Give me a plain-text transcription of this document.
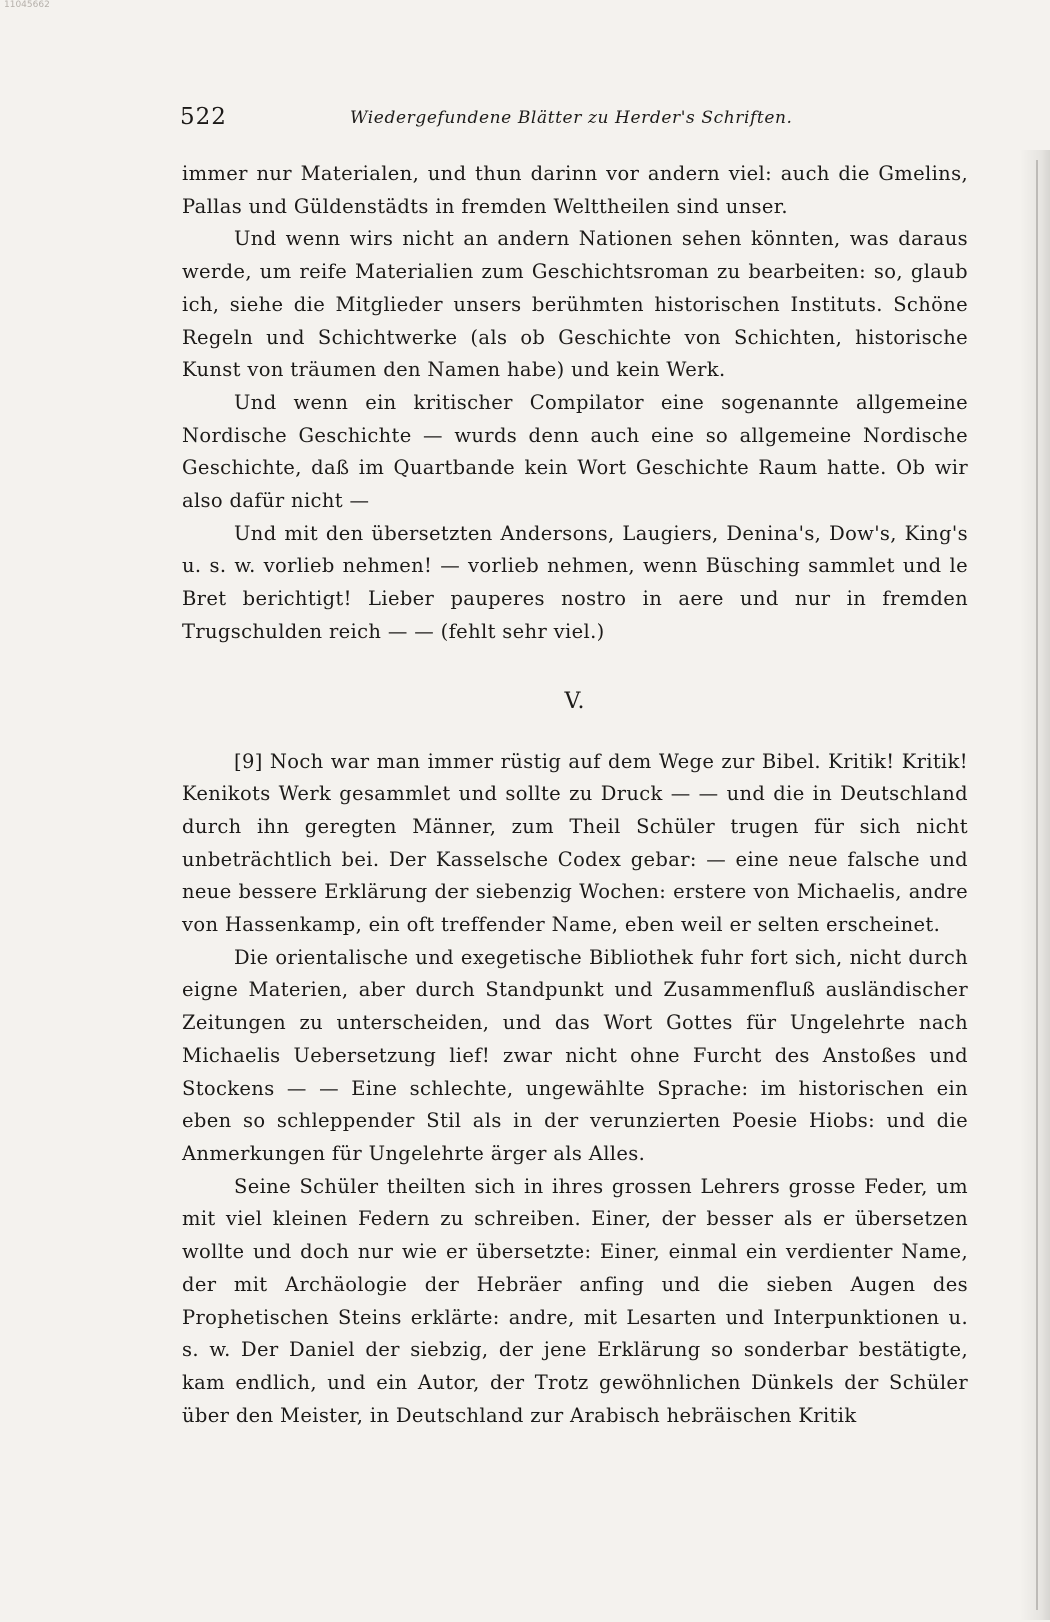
11045662
522	Wiedergefundene Blätter zu Herder's Schriften.

immer nur Materialen, und thun darinn vor andern viel: auch die Gmelins, Pallas und Güldenstädts in fremden Welttheilen sind unser.

Und wenn wirs nicht an andern Nationen sehen könnten, was daraus werde, um reife Materialien zum Geschichtsroman zu bearbeiten: so, glaub ich, siehe die Mitglieder unsers berühmten historischen Instituts. Schöne Regeln und Schichtwerke (als ob Geschichte von Schichten, historische Kunst von träumen den Namen habe) und kein Werk.

Und wenn ein kritischer Compilator eine sogenannte allgemeine Nordische Geschichte — wurds denn auch eine so allgemeine Nordische Geschichte, daß im Quartbande kein Wort Geschichte Raum hatte. Ob wir also dafür nicht —

Und mit den übersetzten Andersons, Laugiers, Denina's, Dow's, King's u. s. w. vorlieb nehmen! — vorlieb nehmen, wenn Büsching sammlet und le Bret berichtigt! Lieber pauperes nostro in aere und nur in fremden Trugschulden reich — — (fehlt sehr viel.)

V.

[9] Noch war man immer rüstig auf dem Wege zur Bibel. Kritik! Kritik! Kenikots Werk gesammlet und sollte zu Druck — — und die in Deutschland durch ihn geregten Männer, zum Theil Schüler trugen für sich nicht unbeträchtlich bei. Der Kasselsche Codex gebar: — eine neue falsche und neue bessere Erklärung der siebenzig Wochen: erstere von Michaelis, andre von Hassenkamp, ein oft treffender Name, eben weil er selten erscheinet.

Die orientalische und exegetische Bibliothek fuhr fort sich, nicht durch eigne Materien, aber durch Standpunkt und Zusammenfluß ausländischer Zeitungen zu unterscheiden, und das Wort Gottes für Ungelehrte nach Michaelis Uebersetzung lief! zwar nicht ohne Furcht des Anstoßes und Stockens — — Eine schlechte, ungewählte Sprache: im historischen ein eben so schleppender Stil als in der verunzierten Poesie Hiobs: und die Anmerkungen für Ungelehrte ärger als Alles.

Seine Schüler theilten sich in ihres grossen Lehrers grosse Feder, um mit viel kleinen Federn zu schreiben. Einer, der besser als er übersetzen wollte und doch nur wie er übersetzte: Einer, einmal ein verdienter Name, der mit Archäologie der Hebräer anfing und die sieben Augen des Prophetischen Steins erklärte: andre, mit Lesarten und Interpunktionen u. s. w. Der Daniel der siebzig, der jene Erklärung so sonderbar bestätigte, kam endlich, und ein Autor, der Trotz gewöhnlichen Dünkels der Schüler über den Meister, in Deutschland zur Arabisch hebräischen Kritik
